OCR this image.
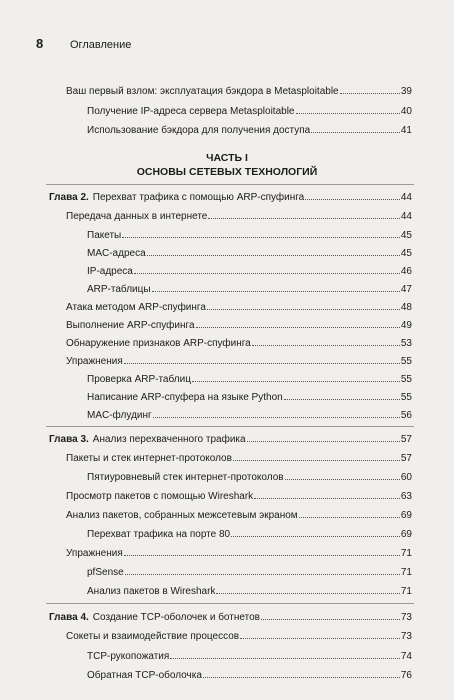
8	Оглавление
Ваш первый взлом: эксплуатация бэкдора в Metasploitable	39
Получение IP-адреса сервера Metasploitable	40
Использование бэкдора для получения доступа	41
ЧАСТЬ I
ОСНОВЫ СЕТЕВЫХ ТЕХНОЛОГИЙ
Глава 2. Перехват трафика с помощью ARP-спуфинга	44
Передача данных в интернете	44
Пакеты	45
MAC-адреса	45
IP-адреса	46
ARP-таблицы	47
Атака методом ARP-спуфинга	48
Выполнение ARP-спуфинга	49
Обнаружение признаков ARP-спуфинга	53
Упражнения	55
Проверка ARP-таблиц	55
Написание ARP-спуфера на языке Python	55
MAC-флудинг	56
Глава 3. Анализ перехваченного трафика	57
Пакеты и стек интернет-протоколов	57
Пятиуровневый стек интернет-протоколов	60
Просмотр пакетов с помощью Wireshark	63
Анализ пакетов, собранных межсетевым экраном	69
Перехват трафика на порте 80	69
Упражнения	71
pfSense	71
Анализ пакетов в Wireshark	71
Глава 4. Создание TCP-оболочек и ботнетов	73
Сокеты и взаимодействие процессов	73
TCP-рукопожатия	74
Обратная TCP-оболочка	76
